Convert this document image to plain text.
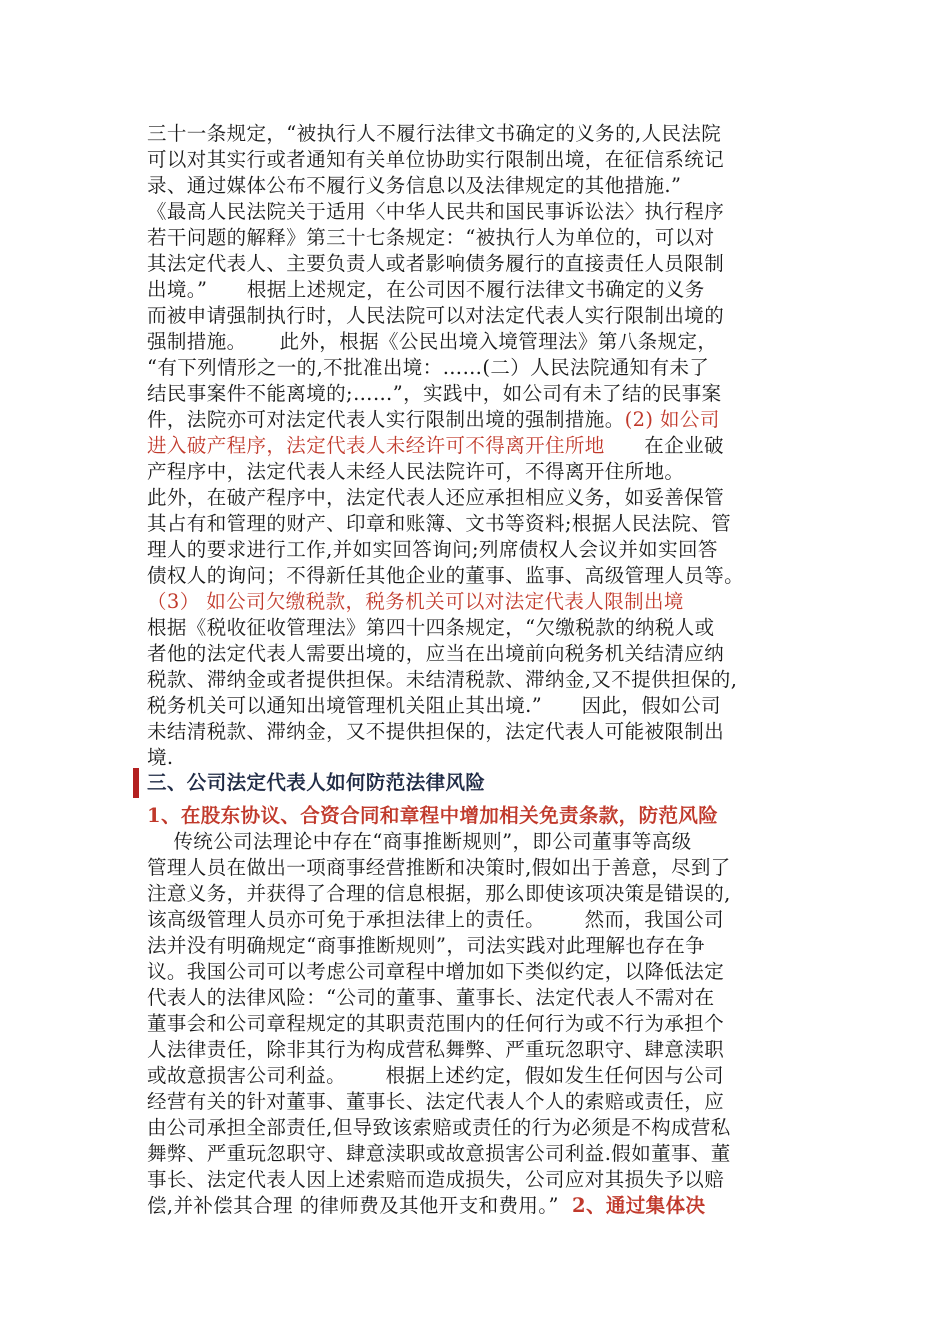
三十一条规定，“被执行人不履行法律文书确定的义务的,人民法院
可以对其实行或者通知有关单位协助实行限制出境，在征信系统记
录、通过媒体公布不履行义务信息以及法律规定的其他措施.”
《最高人民法院关于适用〈中华人民共和国民事诉讼法〉执行程序
若干问题的解释》第三十七条规定：“被执行人为单位的，可以对
其法定代表人、主要负责人或者影响债务履行的直接责任人员限制
出境。”      根据上述规定，在公司因不履行法律文书确定的义务
而被申请强制执行时，人民法院可以对法定代表人实行限制出境的
强制措施。     此外，根据《公民出境入境管理法》第八条规定，
“有下列情形之一的,不批准出境：……(二）人民法院通知有未了
结民事案件不能离境的;……”，实践中，如公司有未了结的民事案
件，法院亦可对法定代表人实行限制出境的强制措施。(2) 如公司
进入破产程序，法定代表人未经许可不得离开住所地      在企业破
产程序中，法定代表人未经人民法院许可，不得离开住所地。
此外，在破产程序中，法定代表人还应承担相应义务，如妥善保管
其占有和管理的财产、印章和账簿、文书等资料;根据人民法院、管
理人的要求进行工作,并如实回答询问;列席债权人会议并如实回答
债权人的询问；不得新任其他企业的董事、监事、高级管理人员等。
（3） 如公司欠缴税款，税务机关可以对法定代表人限制出境
根据《税收征收管理法》第四十四条规定，“欠缴税款的纳税人或
者他的法定代表人需要出境的，应当在出境前向税务机关结清应纳
税款、滞纳金或者提供担保。未结清税款、滞纳金,又不提供担保的,
税务机关可以通知出境管理机关阻止其出境.”      因此，假如公司
未结清税款、滞纳金，又不提供担保的，法定代表人可能被限制出
境.
三、公司法定代表人如何防范法律风险
1、在股东协议、合资合同和章程中增加相关免责条款，防范风险
传统公司法理论中存在“商事推断规则”，即公司董事等高级
管理人员在做出一项商事经营推断和决策时,假如出于善意，尽到了
注意义务，并获得了合理的信息根据，那么即使该项决策是错误的,
该高级管理人员亦可免于承担法律上的责任。      然而，我国公司
法并没有明确规定“商事推断规则”，司法实践对此理解也存在争
议。我国公司可以考虑公司章程中增加如下类似约定，以降低法定
代表人的法律风险：“公司的董事、董事长、法定代表人不需对在
董事会和公司章程规定的其职责范围内的任何行为或不行为承担个
人法律责任，除非其行为构成营私舞弊、严重玩忽职守、肆意渎职
或故意损害公司利益。      根据上述约定，假如发生任何因与公司
经营有关的针对董事、董事长、法定代表人个人的索赔或责任，应
由公司承担全部责任,但导致该索赔或责任的行为必须是不构成营私
舞弊、严重玩忽职守、肆意渎职或故意损害公司利益.假如董事、董
事长、法定代表人因上述索赔而造成损失，公司应对其损失予以赔
偿,并补偿其合理 的律师费及其他开支和费用。”  2、通过集体决
